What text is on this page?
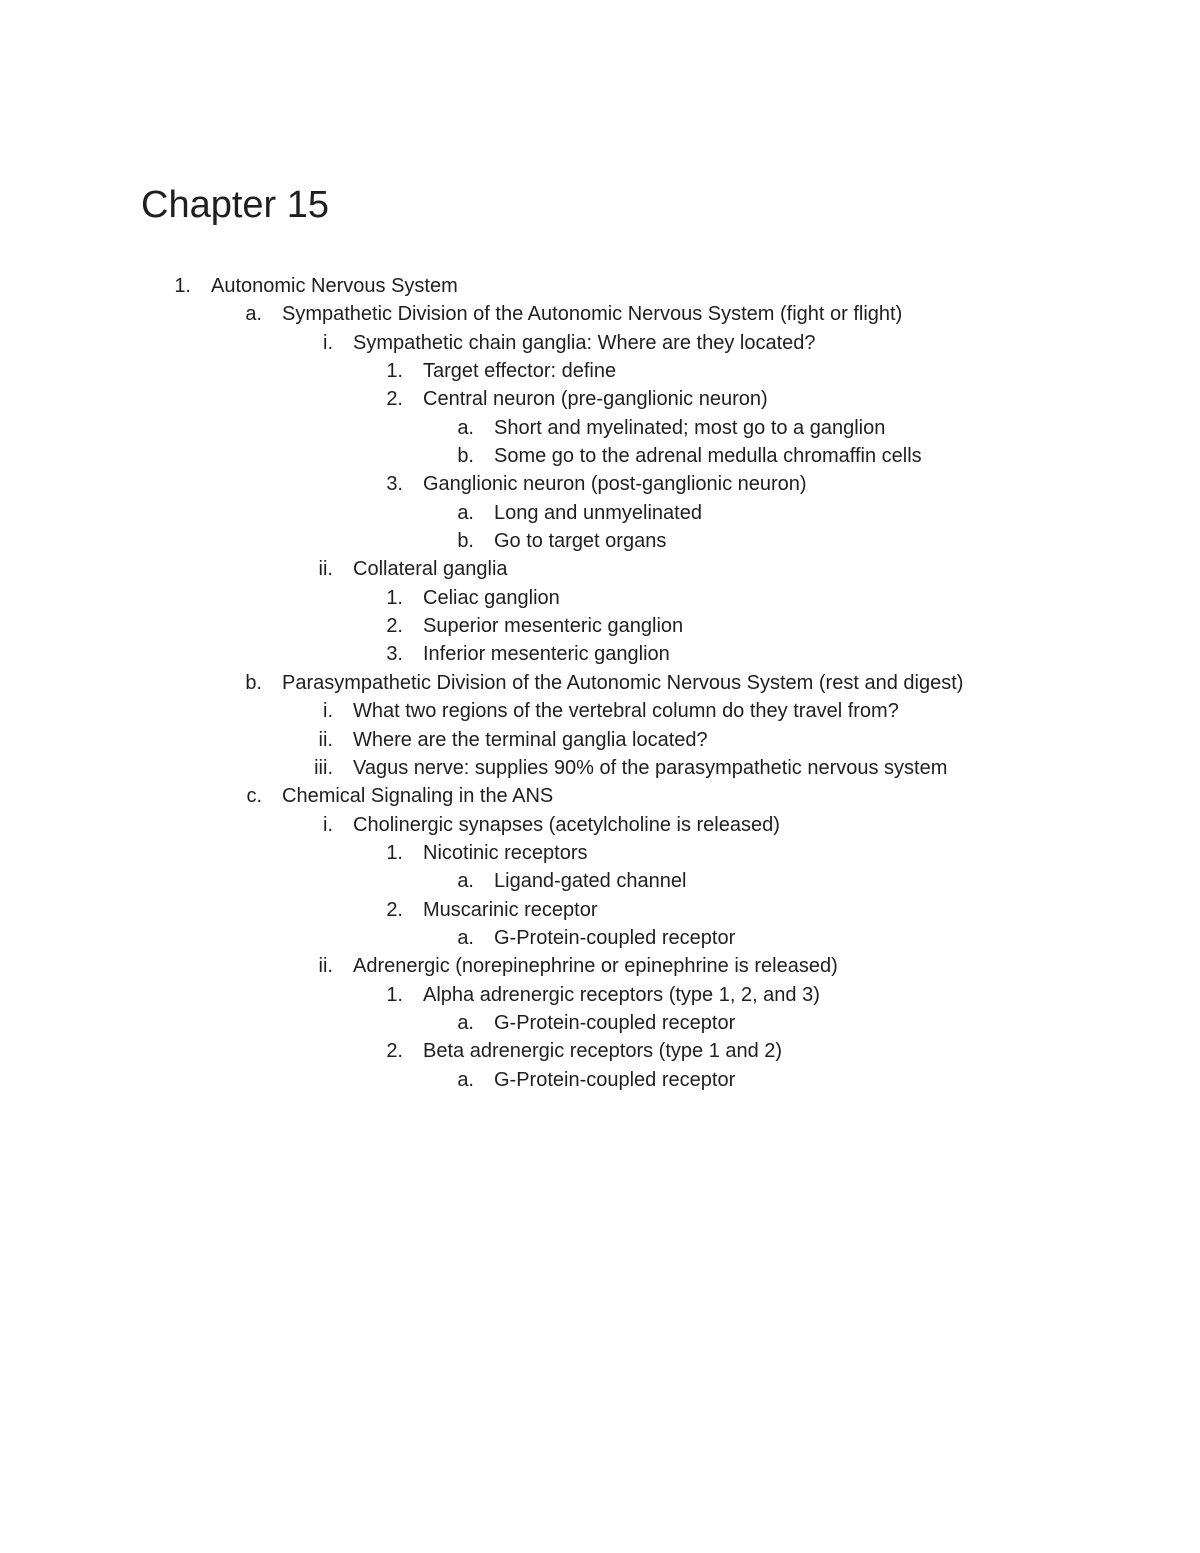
Chapter 15
1. Autonomic Nervous System
a. Sympathetic Division of the Autonomic Nervous System (fight or flight)
i. Sympathetic chain ganglia: Where are they located?
1. Target effector: define
2. Central neuron (pre-ganglionic neuron)
a. Short and myelinated; most go to a ganglion
b. Some go to the adrenal medulla chromaffin cells
3. Ganglionic neuron (post-ganglionic neuron)
a. Long and unmyelinated
b. Go to target organs
ii. Collateral ganglia
1. Celiac ganglion
2. Superior mesenteric ganglion
3. Inferior mesenteric ganglion
b. Parasympathetic Division of the Autonomic Nervous System (rest and digest)
i. What two regions of the vertebral column do they travel from?
ii. Where are the terminal ganglia located?
iii. Vagus nerve: supplies 90% of the parasympathetic nervous system
c. Chemical Signaling in the ANS
i. Cholinergic synapses (acetylcholine is released)
1. Nicotinic receptors
a. Ligand-gated channel
2. Muscarinic receptor
a. G-Protein-coupled receptor
ii. Adrenergic (norepinephrine or epinephrine is released)
1. Alpha adrenergic receptors (type 1, 2, and 3)
a. G-Protein-coupled receptor
2. Beta adrenergic receptors (type 1 and 2)
a. G-Protein-coupled receptor
